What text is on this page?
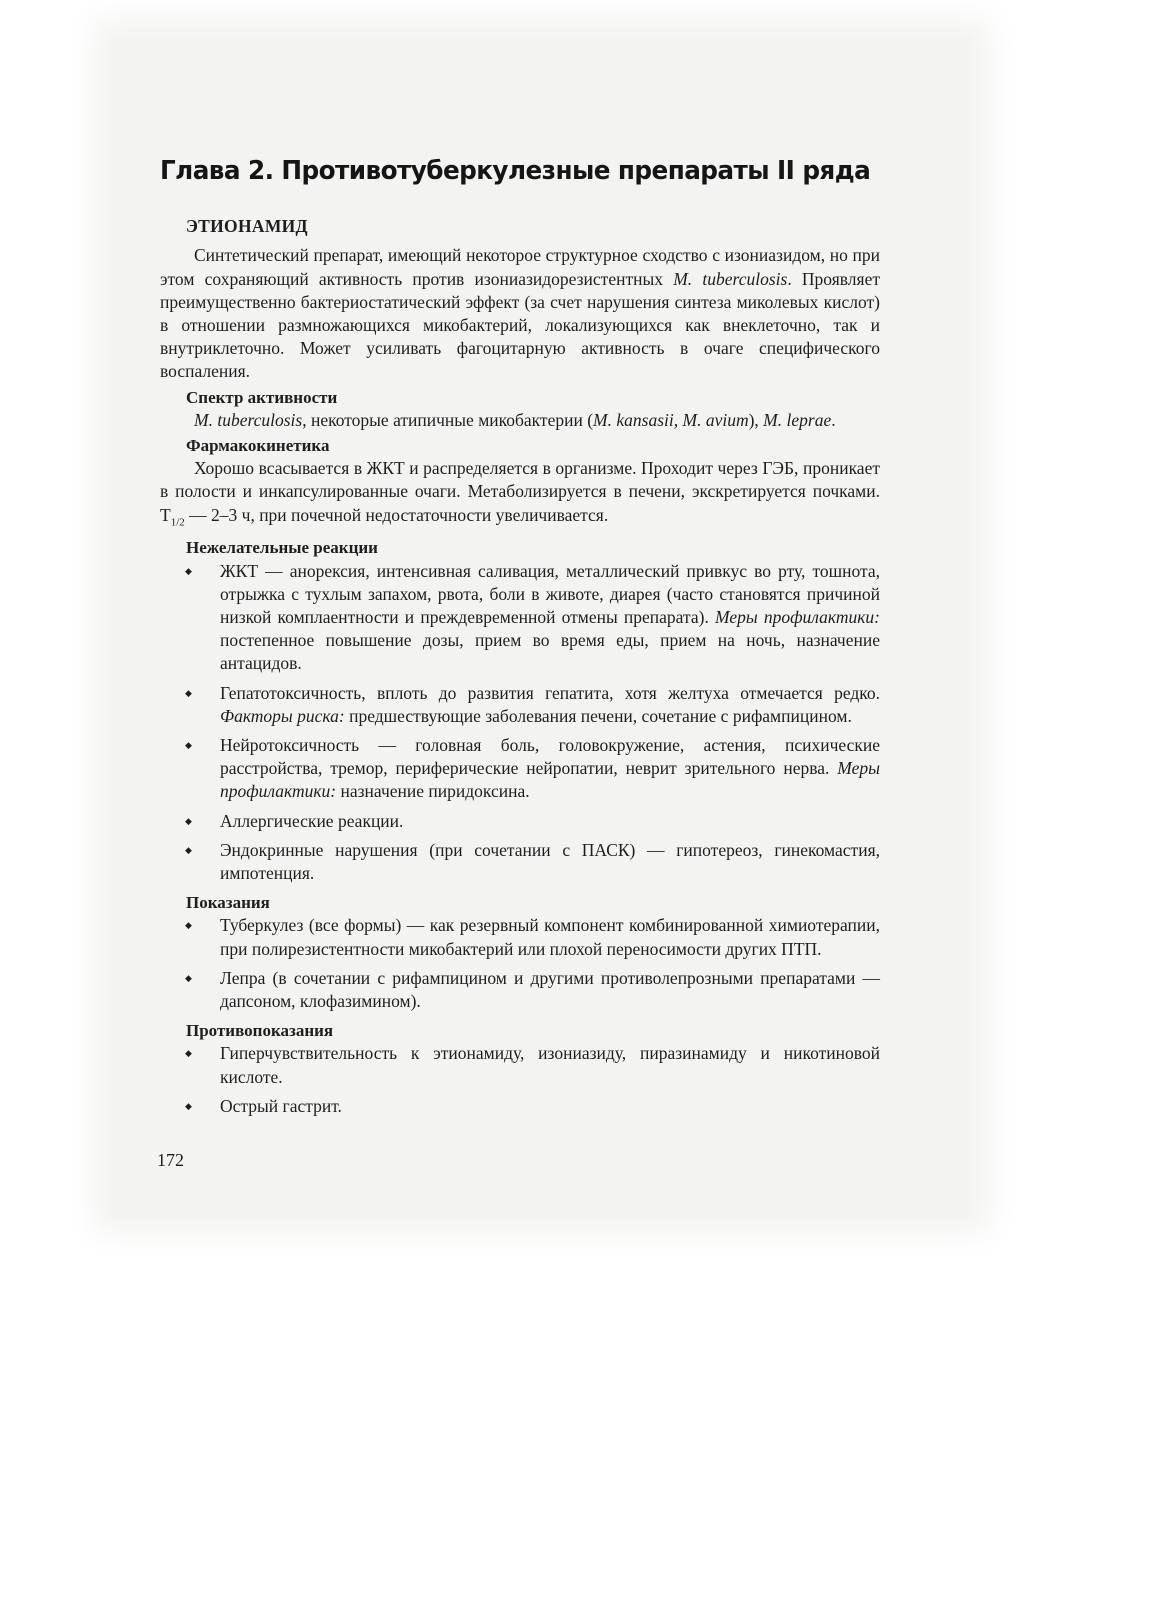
Глава 2. Противотуберкулезные препараты II ряда
ЭТИОНАМИД

Синтетический препарат, имеющий некоторое структурное сходство с изониазидом, но при этом сохраняющий активность против изониазидорезистентных M. tuberculosis. Проявляет преимущественно бактериостатический эффект (за счет нарушения синтеза миколевых кислот) в отношении размножающихся микобактерий, локализующихся как внеклеточно, так и внутриклеточно. Может усиливать фагоцитарную активность в очаге специфического воспаления.

Спектр активности

M. tuberculosis, некоторые атипичные микобактерии (M. kansasii, M. avium), M. leprae.

Фармакокинетика

Хорошо всасывается в ЖКТ и распределяется в организме. Проходит через ГЭБ, проникает в полости и инкапсулированные очаги. Метаболизируется в печени, экскретируется почками. $Т_{1/2}$ — 2–3 ч, при почечной недостаточности увеличивается.

Нежелательные реакции
◆ ЖКТ — анорексия, интенсивная саливация, металлический привкус во рту, тошнота, отрыжка с тухлым запахом, рвота, боли в животе, диарея (часто становятся причиной низкой комплаентности и преждевременной отмены препарата). Меры профилактики: постепенное повышение дозы, прием во время еды, прием на ночь, назначение антацидов.
◆ Гепатотоксичность, вплоть до развития гепатита, хотя желтуха отмечается редко. Факторы риска: предшествующие заболевания печени, сочетание с рифампицином.
◆ Нейротоксичность — головная боль, головокружение, астения, психические расстройства, тремор, периферические нейропатии, неврит зрительного нерва. Меры профилактики: назначение пиридоксина.
◆ Аллергические реакции.
◆ Эндокринные нарушения (при сочетании с ПАСК) — гипотереоз, гинекомастия, импотенция.
Показания
◆ Туберкулез (все формы) — как резервный компонент комбинированной химиотерапии, при полирезистентности микобактерий или плохой переносимости других ПТП.
◆ Лепра (в сочетании с рифампицином и другими противолепрозными препаратами — дапсоном, клофазимином).
Противопоказания
◆ Гиперчувствительность к этионамиду, изониазиду, пиразинамиду и никотиновой кислоте.
◆ Острый гастрит.
172
